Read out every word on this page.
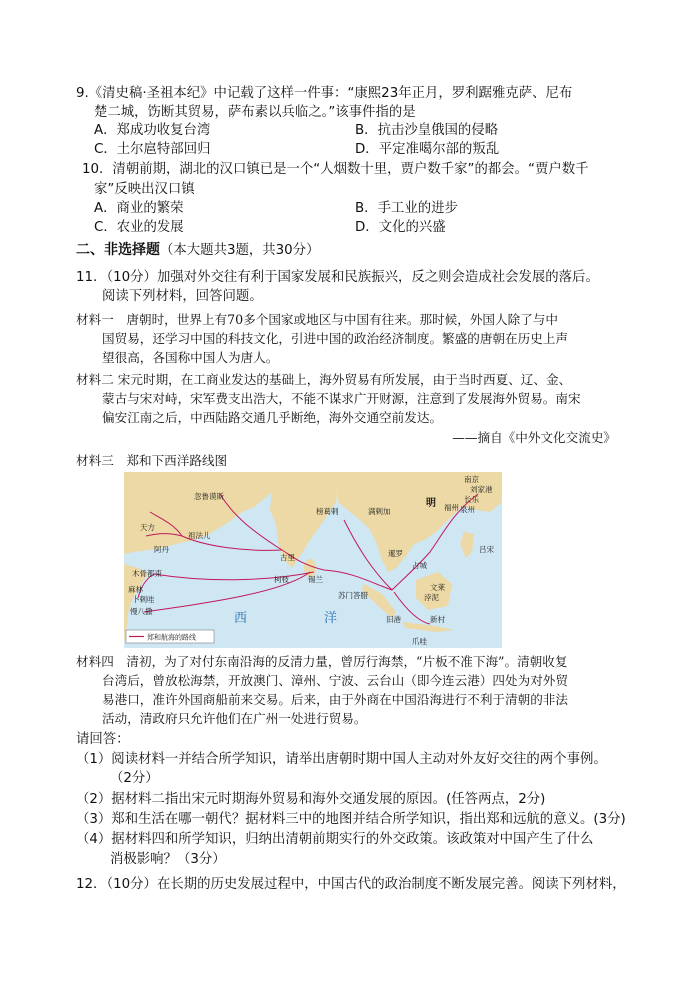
9.《清史稿·圣祖本纪》中记载了这样一件事：“康熙23年正月，罗利踞雅克萨、尼布
楚二城，饬断其贸易，萨布素以兵临之。”该事件指的是
A．郑成功收复台湾	B．抗击沙皇俄国的侵略
C．土尔扈特部回归	D．平定准噶尔部的叛乱
10．清朝前期，湖北的汉口镇已是一个“人烟数十里，贾户数千家”的都会。“贾户数千
家”反映出汉口镇
A．商业的繁荣	B．手工业的进步
C．农业的发展	D．文化的兴盛
二、非选择题（本大题共3题，共30分）
11．（10分）加强对外交往有利于国家发展和民族振兴，反之则会造成社会发展的落后。
阅读下列材料，回答问题。
材料一　唐朝时，世界上有70多个国家或地区与中国有往来。那时候，外国人除了与中
国贸易，还学习中国的科技文化，引进中国的政治经济制度。繁盛的唐朝在历史上声
望很高，各国称中国人为唐人。
材料二 宋元时期，在工商业发达的基础上，海外贸易有所发展，由于当时西夏、辽、金、
蒙古与宋对峙，宋军费支出浩大，不能不谋求广开财源，注意到了发展海外贸易。南宋
偏安江南之后，中西陆路交通几乎断绝，海外交通空前发达。
——摘自《中外文化交流史》
材料三　郑和下西洋路线图
南京
刘家港
长乐
泉州
福州
明
吕宋
忽鲁谟斯
天方
祖法儿
阿丹
古里
柯枝
榜葛剌
锡兰
暹罗
占城
满剌加
浡泥
文莱
苏门答腊
旧港
爪哇
新村
木骨都束
麻林
卜剌哇
慢八撒	西	洋
郑和航海的路线
材料四　清初，为了对付东南沿海的反清力量，曾厉行海禁，“片板不准下海”。清朝收复
台湾后，曾放松海禁，开放澳门、漳州、宁波、云台山（即今连云港）四处为对外贸
易港口，准许外国商船前来交易。后来，由于外商在中国沿海进行不利于清朝的非法
活动，清政府只允许他们在广州一处进行贸易。
请回答：
（1）阅读材料一并结合所学知识，请举出唐朝时期中国人主动对外友好交往的两个事例。
（2分）
（2）据材料二指出宋元时期海外贸易和海外交通发展的原因。(任答两点，2分)
（3）郑和生活在哪一朝代？据材料三中的地图并结合所学知识，指出郑和远航的意义。(3分)
（4）据材料四和所学知识，归纳出清朝前期实行的外交政策。该政策对中国产生了什么
消极影响？（3分）
12．（10分）在长期的历史发展过程中，中国古代的政治制度不断发展完善。阅读下列材料，
